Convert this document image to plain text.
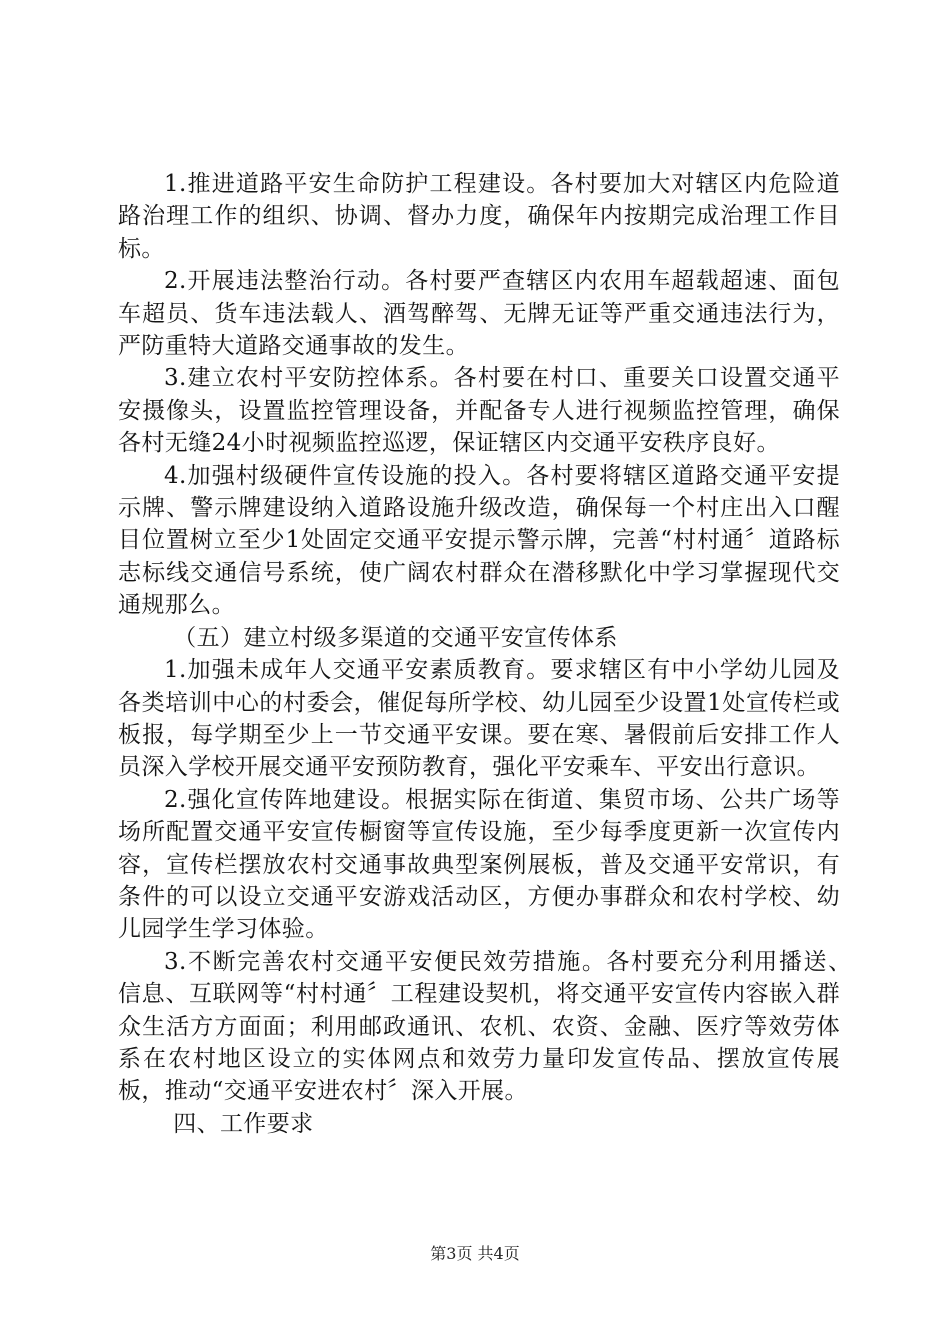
1.推进道路平安生命防护工程建设。各村要加大对辖区内危险道路治理工作的组织、协调、督办力度，确保年内按期完成治理工作目标。

2.开展违法整治行动。各村要严查辖区内农用车超载超速、面包车超员、货车违法载人、酒驾醉驾、无牌无证等严重交通违法行为，严防重特大道路交通事故的发生。

3.建立农村平安防控体系。各村要在村口、重要关口设置交通平安摄像头，设置监控管理设备，并配备专人进行视频监控管理，确保各村无缝24小时视频监控巡逻，保证辖区内交通平安秩序良好。

4.加强村级硬件宣传设施的投入。各村要将辖区道路交通平安提示牌、警示牌建设纳入道路设施升级改造，确保每一个村庄出入口醒目位置树立至少1处固定交通平安提示警示牌，完善“村村通〞道路标志标线交通信号系统，使广阔农村群众在潜移默化中学习掌握现代交通规那么。

（五）建立村级多渠道的交通平安宣传体系

1.加强未成年人交通平安素质教育。要求辖区有中小学幼儿园及各类培训中心的村委会，催促每所学校、幼儿园至少设置1处宣传栏或板报，每学期至少上一节交通平安课。要在寒、暑假前后安排工作人员深入学校开展交通平安预防教育，强化平安乘车、平安出行意识。

2.强化宣传阵地建设。根据实际在街道、集贸市场、公共广场等场所配置交通平安宣传橱窗等宣传设施，至少每季度更新一次宣传内容，宣传栏摆放农村交通事故典型案例展板，普及交通平安常识，有条件的可以设立交通平安游戏活动区，方便办事群众和农村学校、幼儿园学生学习体验。

3.不断完善农村交通平安便民效劳措施。各村要充分利用播送、　 信息、互联网等“村村通〞工程建设契机，将交通平安宣传内容嵌入群众生活方方面面；利用邮政通讯、农机、农资、金融、医疗等效劳体系在农村地区设立的实体网点和效劳力量印发宣传品、摆放宣传展板，推动“交通平安进农村〞深入开展。

四、工作要求

第3页 共4页
